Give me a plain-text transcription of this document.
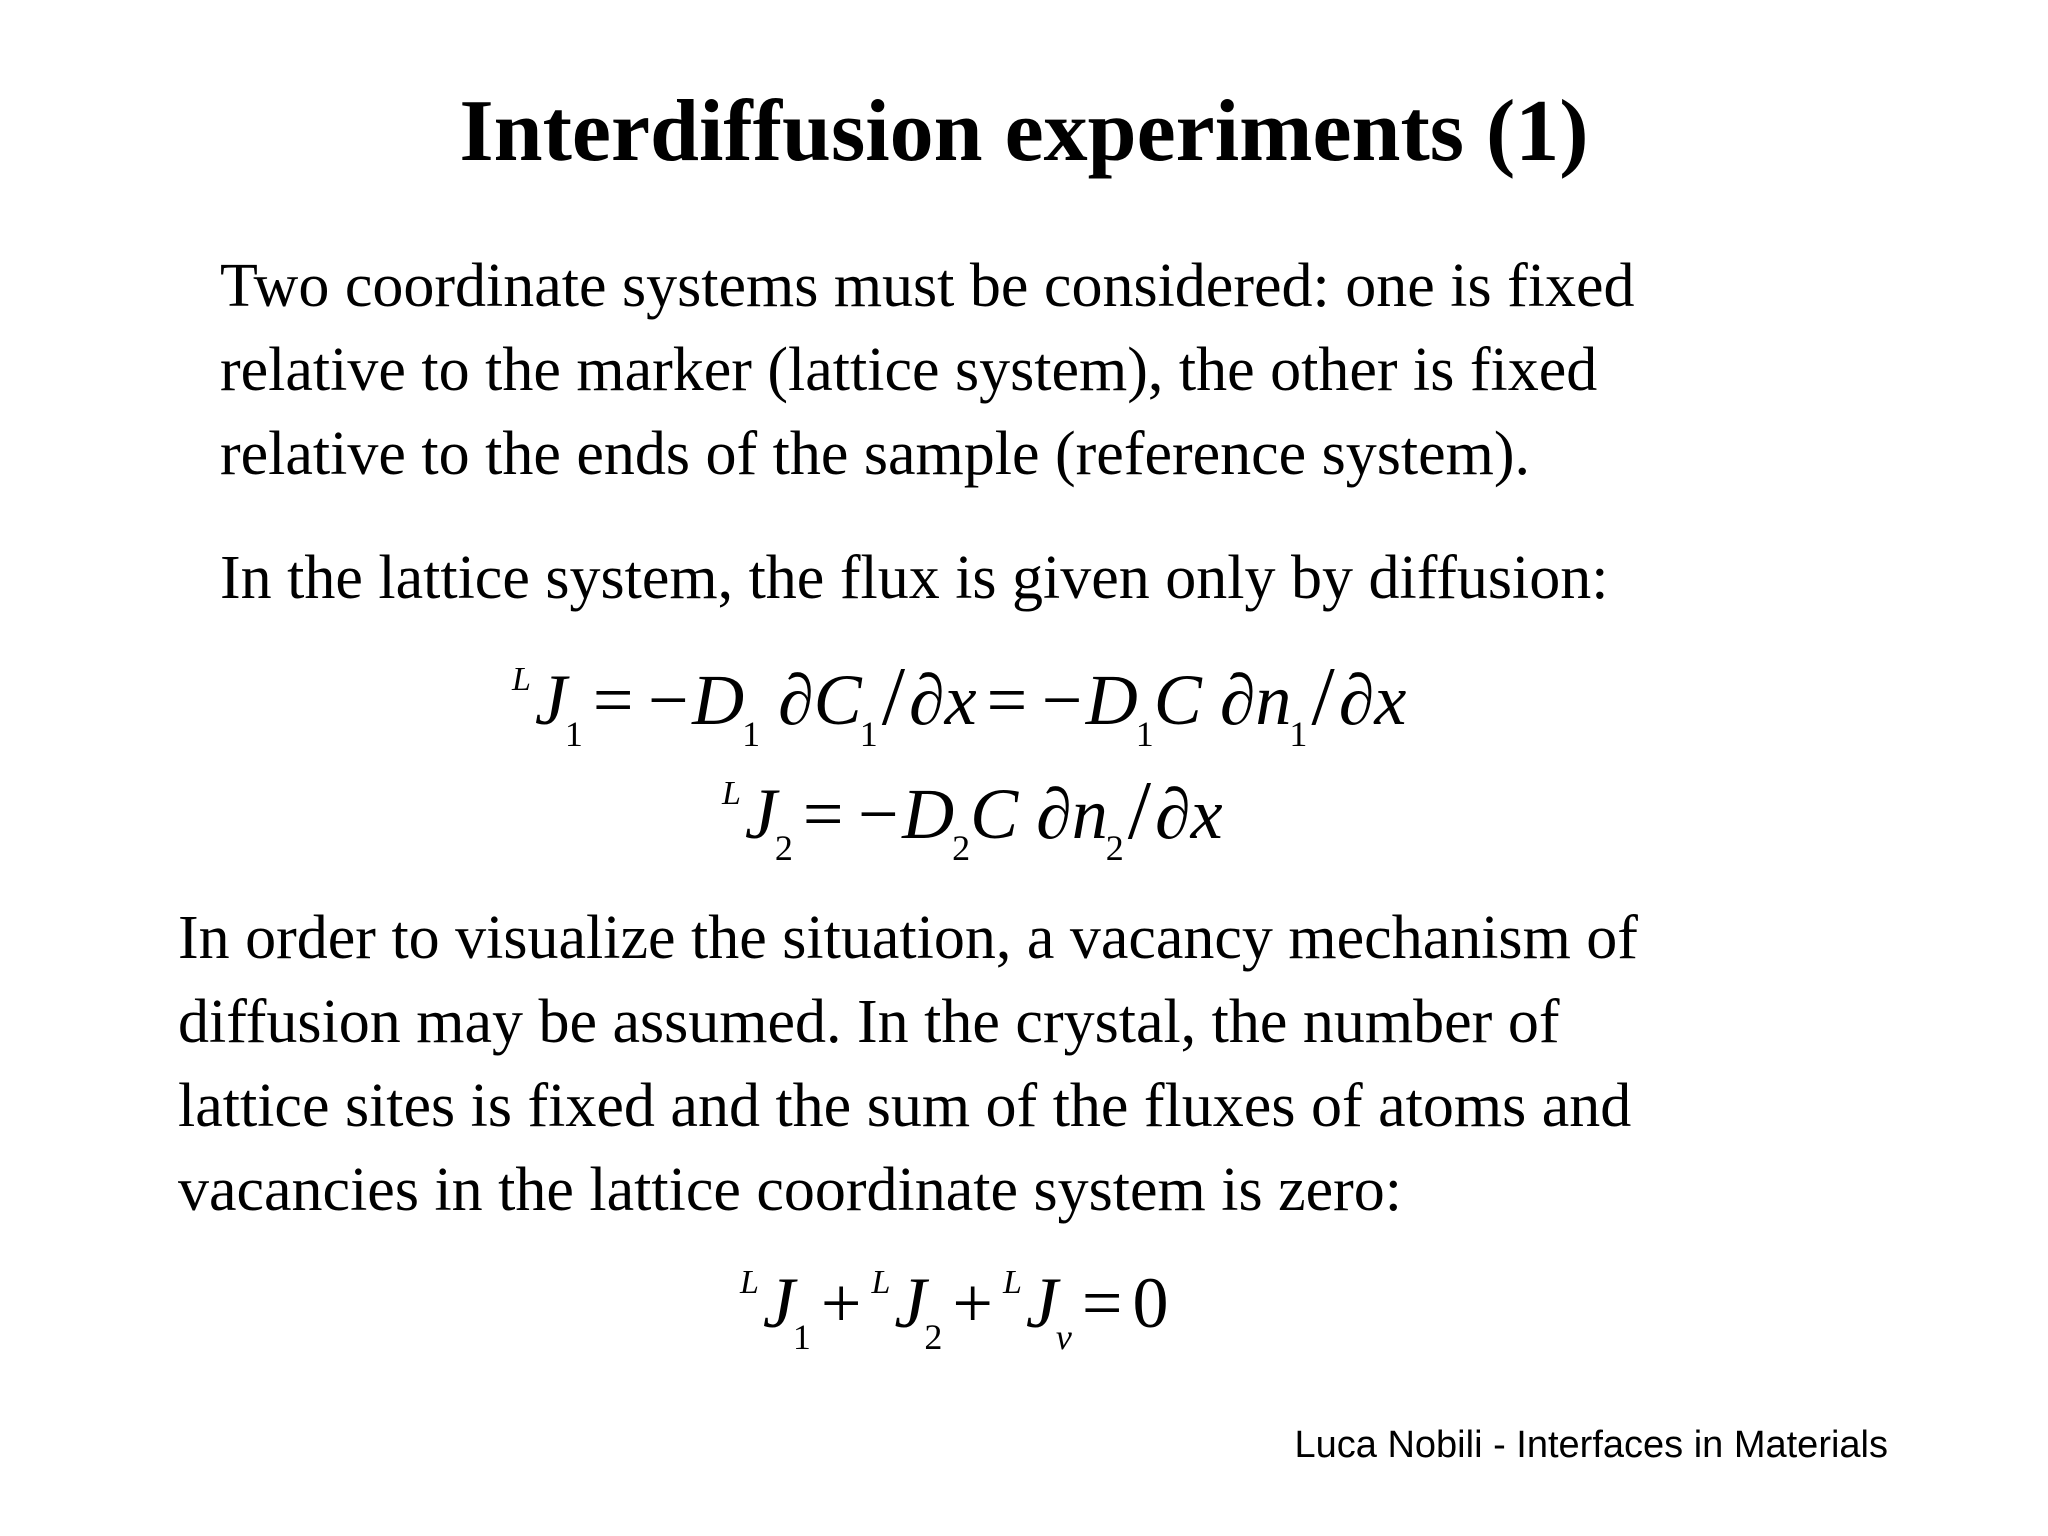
Interdiffusion experiments (1)

Two coordinate systems must be considered: one is fixed
relative to the marker (lattice system), the other is fixed
relative to the ends of the sample (reference system).

In the lattice system, the flux is given only by diffusion:

$^LJ_1 = -D_1$ $\partial C_1/\partial x = -D_1C$ $\partial n_1/\partial x$
$^LJ_2 = -D_2C$ $\partial n_2/\partial x$

In order to visualize the situation, a vacancy mechanism of
diffusion may be assumed. In the crystal, the number of
lattice sites is fixed and the sum of the fluxes of atoms and
vacancies in the lattice coordinate system is zero:

$^LJ_1 + ^LJ_2 + ^LJ_v = 0$

Luca Nobili - Interfaces in Materials
